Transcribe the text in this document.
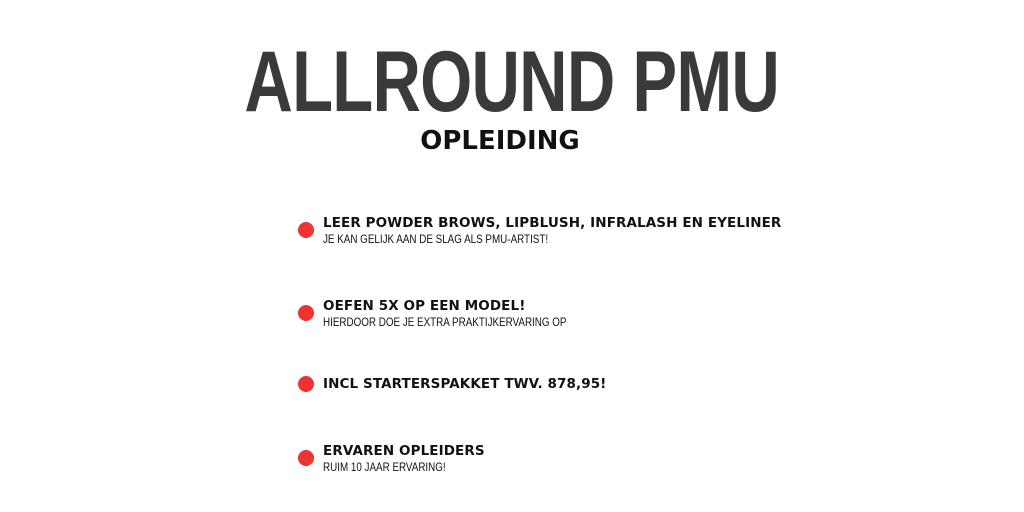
ALLROUND PMU
OPLEIDING
LEER POWDER BROWS, LIPBLUSH, INFRALASH EN EYELINER
JE KAN GELIJK AAN DE SLAG ALS PMU-ARTIST!
OEFEN 5X OP EEN MODEL!
HIERDOOR DOE JE EXTRA PRAKTIJKERVARING OP
INCL STARTERSPAKKET TWV. 878,95!
ERVAREN OPLEIDERS
RUIM 10 JAAR ERVARING!
